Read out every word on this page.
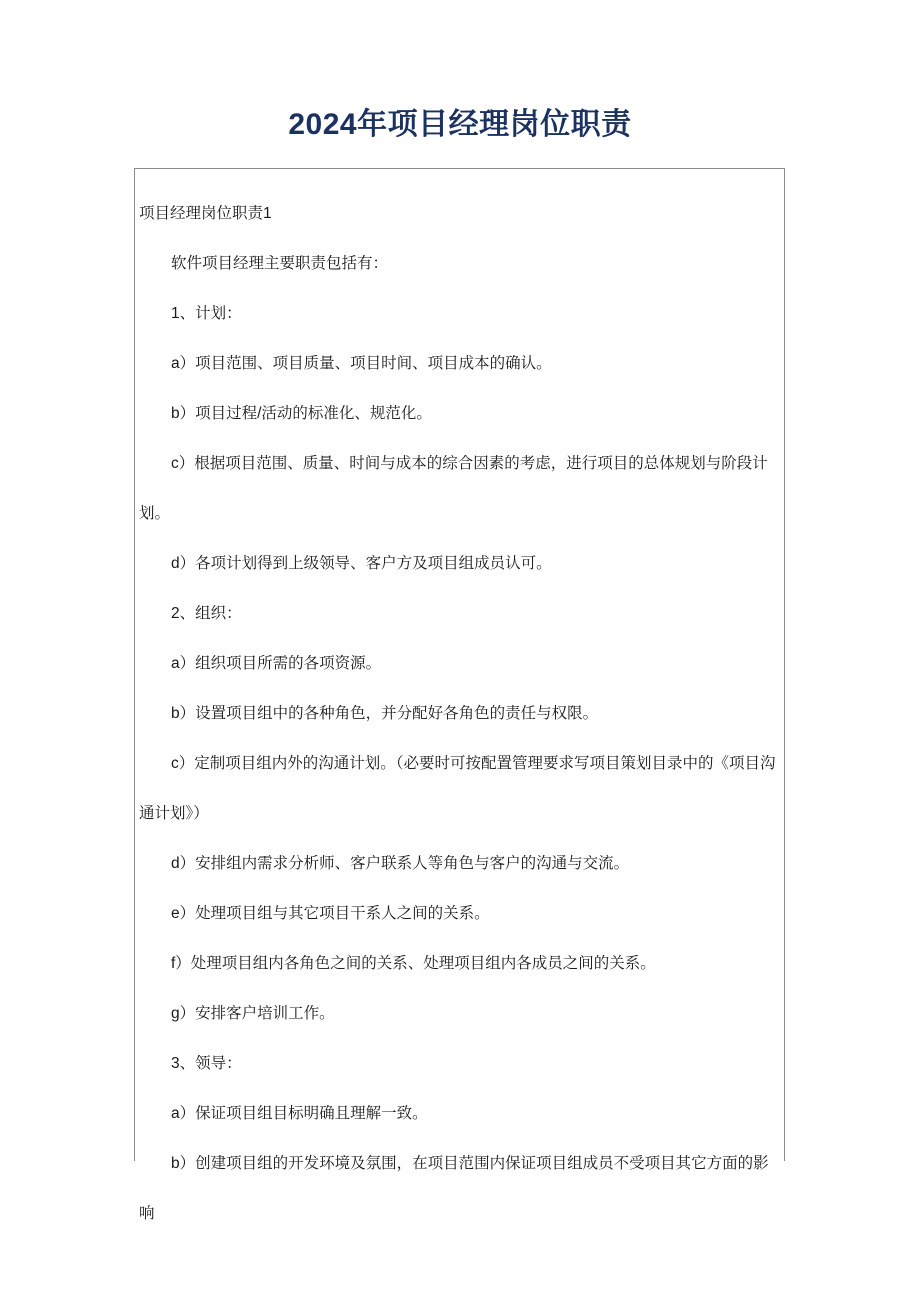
2024年项目经理岗位职责

项目经理岗位职责1

软件项目经理主要职责包括有：

1、计划：

a）项目范围、项目质量、项目时间、项目成本的确认。

b）项目过程/活动的标准化、规范化。

c）根据项目范围、质量、时间与成本的综合因素的考虑，进行项目的总体规划与阶段计划。

d）各项计划得到上级领导、客户方及项目组成员认可。

2、组织：

a）组织项目所需的各项资源。

b）设置项目组中的各种角色，并分配好各角色的责任与权限。

c）定制项目组内外的沟通计划。（必要时可按配置管理要求写项目策划目录中的《项目沟通计划》）

d）安排组内需求分析师、客户联系人等角色与客户的沟通与交流。

e）处理项目组与其它项目干系人之间的关系。

f）处理项目组内各角色之间的关系、处理项目组内各成员之间的关系。

g）安排客户培训工作。

3、领导：

a）保证项目组目标明确且理解一致。

b）创建项目组的开发环境及氛围，在项目范围内保证项目组成员不受项目其它方面的影响
